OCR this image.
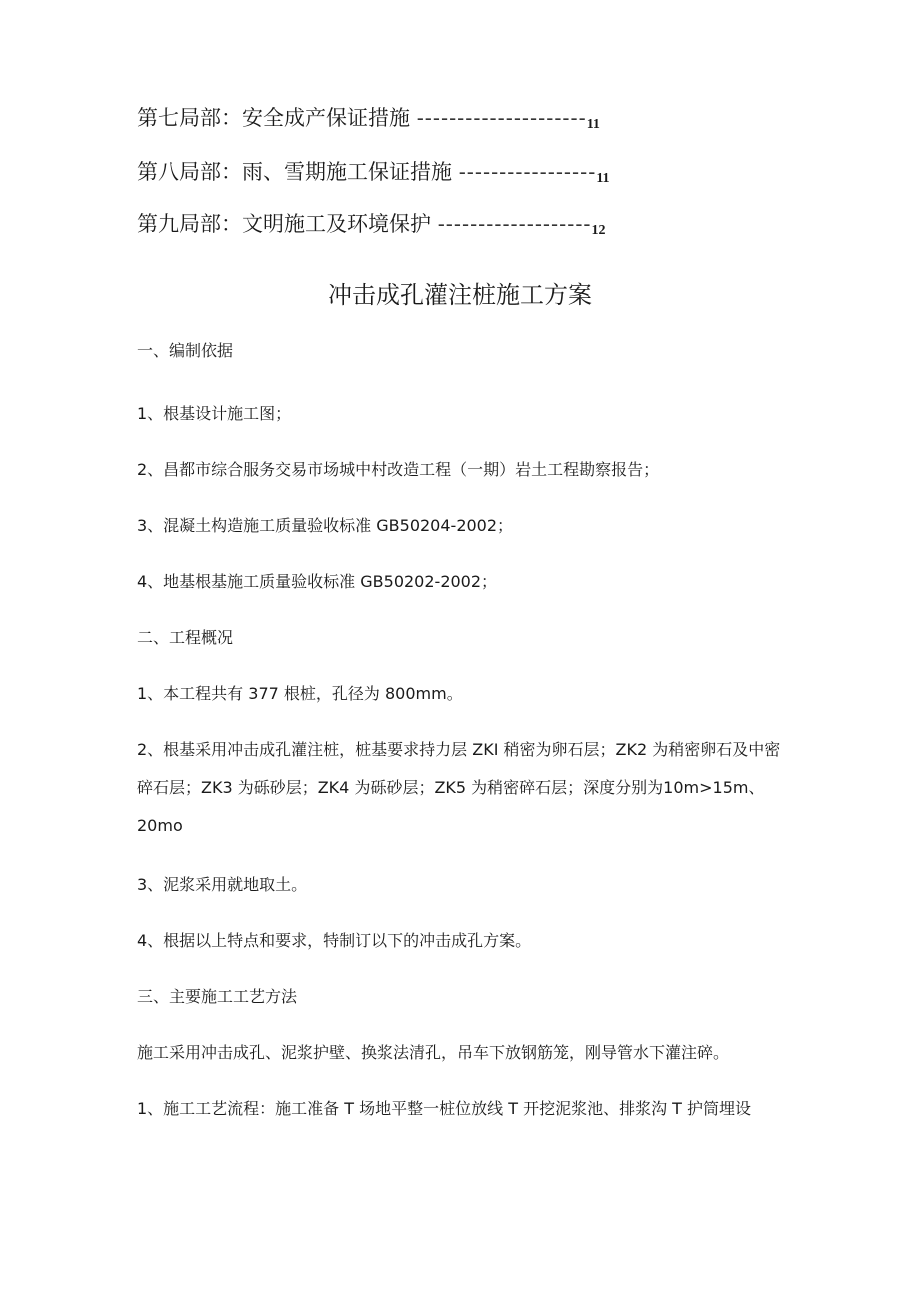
第七局部：安全成产保证措施 ---------------------11
第八局部：雨、雪期施工保证措施 -----------------11
第九局部：文明施工及环境保护 -------------------12
冲击成孔灌注桩施工方案
一、编制依据
1、根基设计施工图；
2、昌都市综合服务交易市场城中村改造工程（一期）岩土工程勘察报告；
3、混凝土构造施工质量验收标准 GB50204-2002；
4、地基根基施工质量验收标准 GB50202-2002；
二、工程概况
1、本工程共有 377 根桩，孔径为 800mm。
2、根基采用冲击成孔灌注桩，桩基要求持力层 ZKI 稍密为卵石层；ZK2 为稍密卵石及中密碎石层；ZK3 为砾砂层；ZK4 为砾砂层；ZK5 为稍密碎石层；深度分别为10m>15m、20mo
3、泥浆采用就地取土。
4、根据以上特点和要求，特制订以下的冲击成孔方案。
三、主要施工工艺方法
施工采用冲击成孔、泥浆护壁、换浆法清孔，吊车下放钢筋笼，刚导管水下灌注碎。
1、施工工艺流程：施工准备 T 场地平整一桩位放线 T 开挖泥浆池、排浆沟 T 护筒埋设
